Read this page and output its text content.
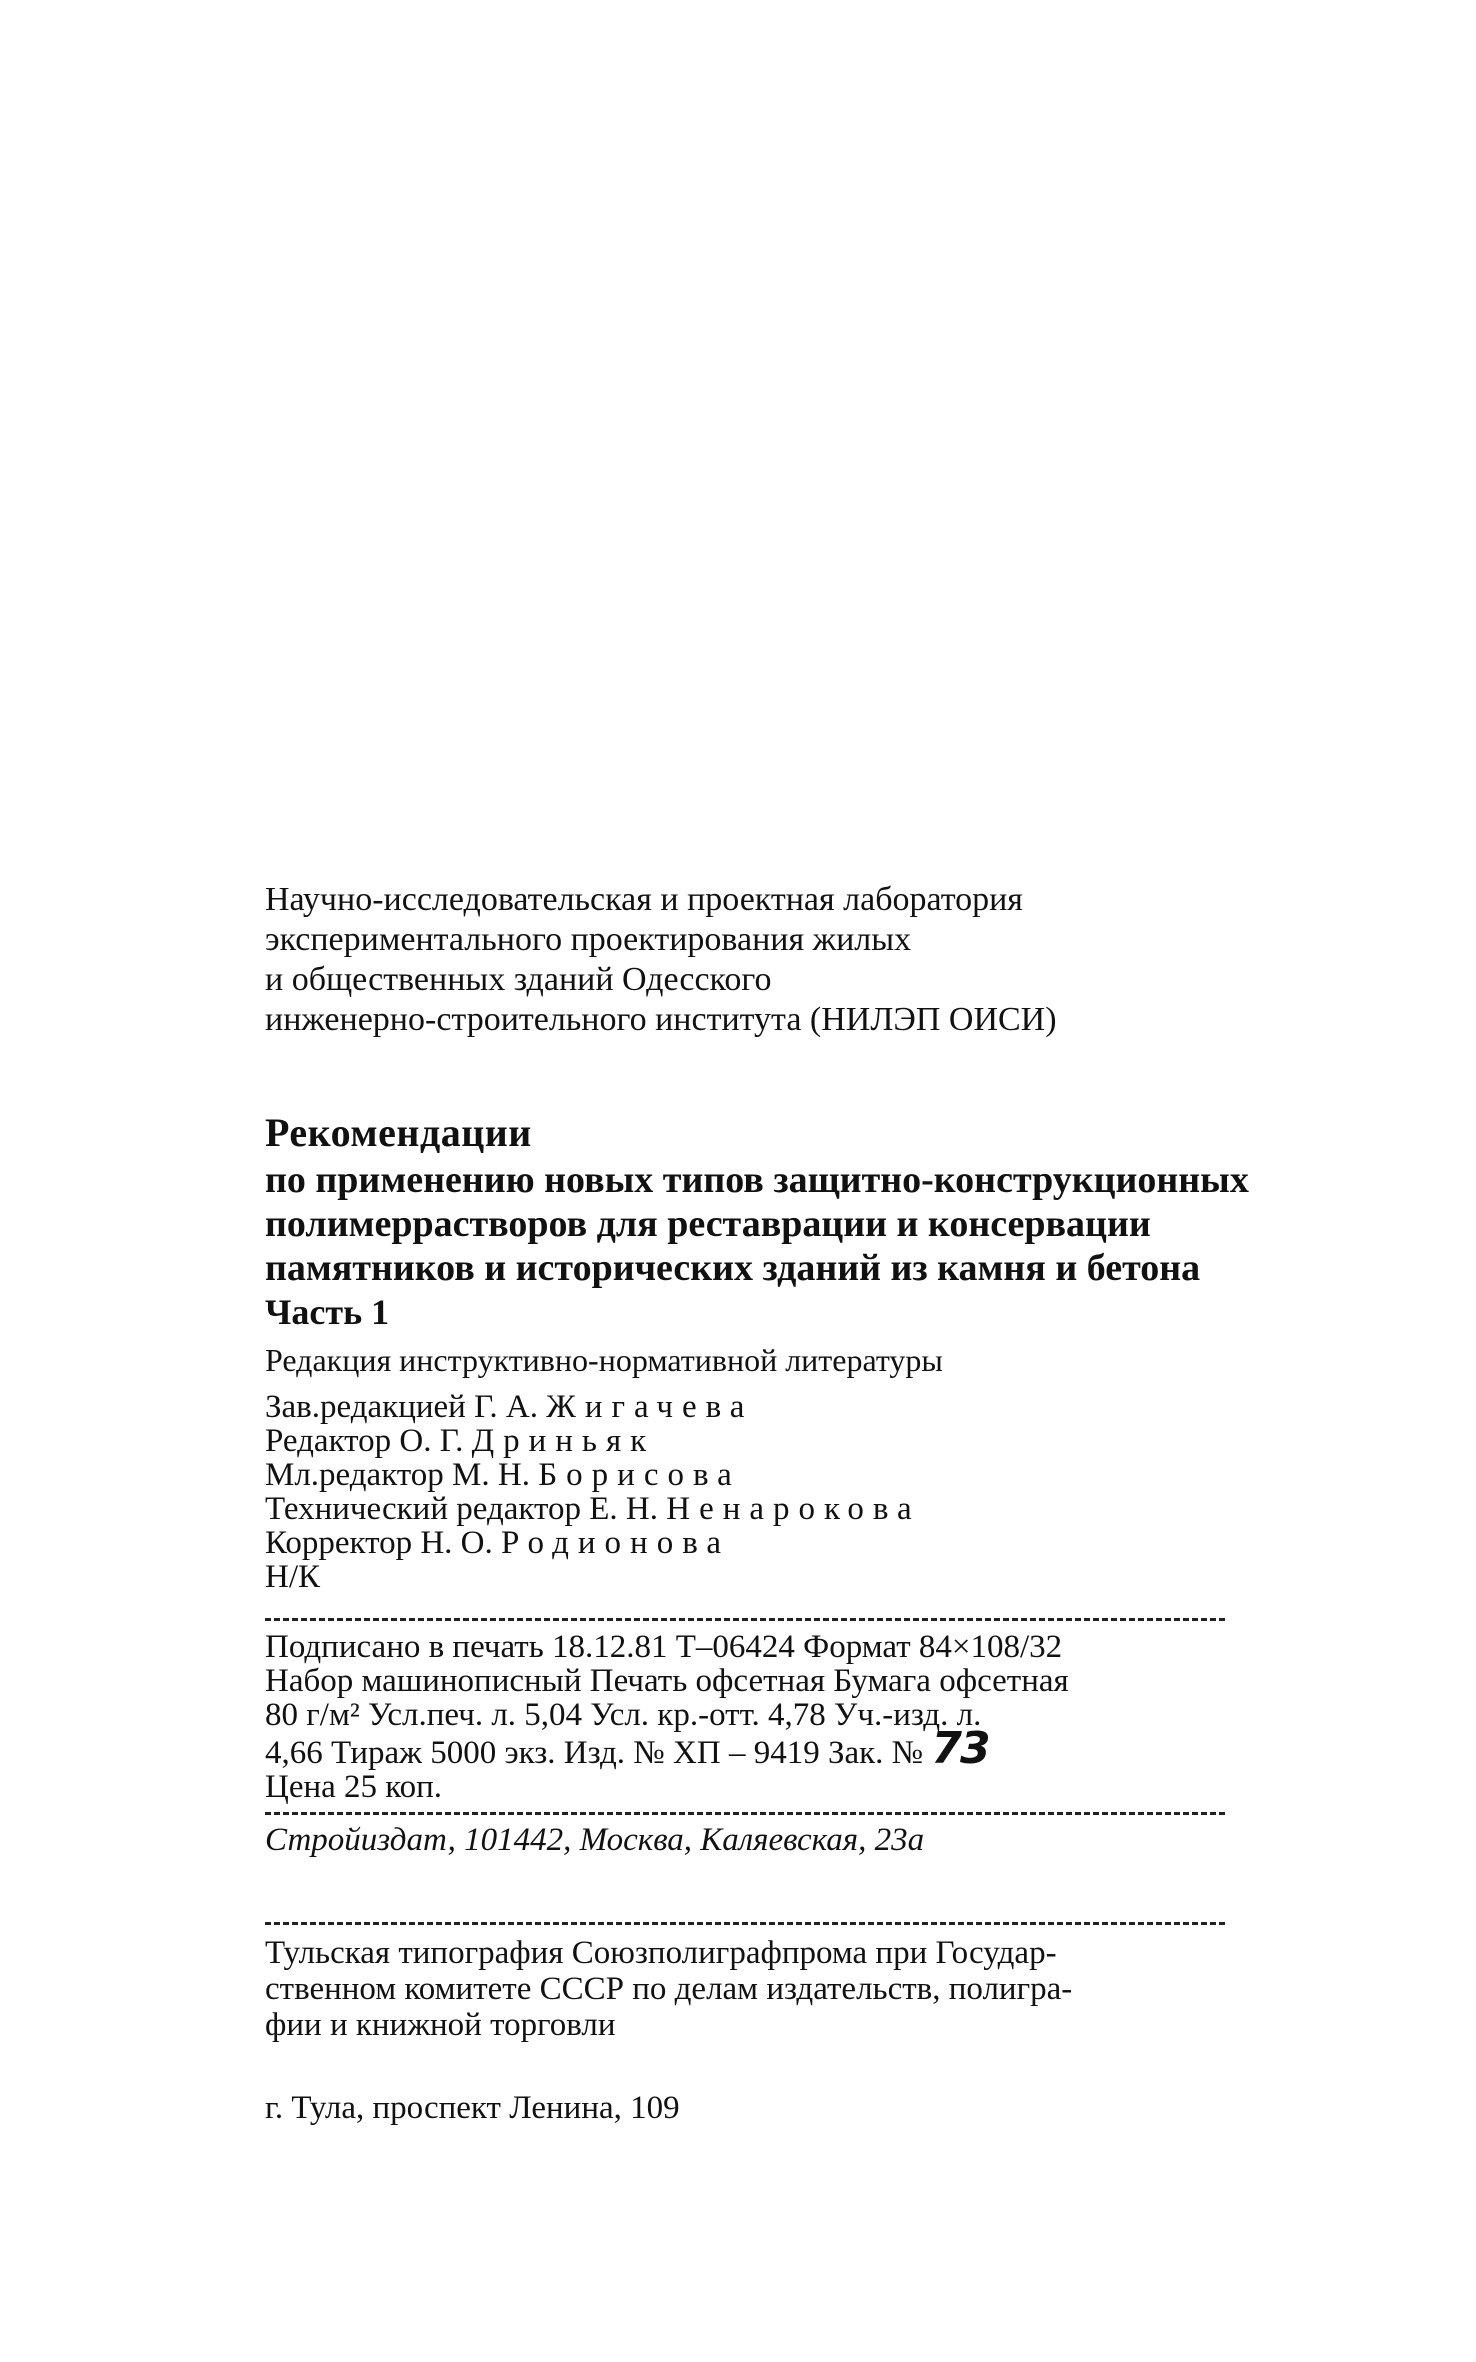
Научно-исследовательская и проектная лаборатория
экспериментального проектирования жилых
и общественных зданий Одесского
инженерно-строительного института (НИЛЭП ОИСИ)
Рекомендации
по применению новых типов защитно-конструкционных
полимеррастворов для реставрации и консервации
памятников и исторических зданий из камня и бетона
Часть 1
Редакция инструктивно-нормативной литературы
Зав.редакцией Г. А. Жигачева
Редактор О. Г. Дриньяк
Мл.редактор М. Н. Борисова
Технический редактор Е. Н. Ненарокова
Корректор Н. О. Родионова
Н/К
Подписано в печать 18.12.81 Т–06424 Формат 84×108/32
Набор машинописный Печать офсетная Бумага офсетная
80 г/м² Усл.печ. л. 5,04 Усл. кр.-отт. 4,78 Уч.-изд. л.
4,66 Тираж 5000 экз. Изд. № ХП – 9419 Зак. № 73
Цена 25 коп.
Стройиздат, 101442, Москва, Каляевская, 23а
Тульская типография Союзполиграфпрома при Государ-
ственном комитете СССР по делам издательств, полигра-
фии и книжной торговли
г. Тула, проспект Ленина, 109
